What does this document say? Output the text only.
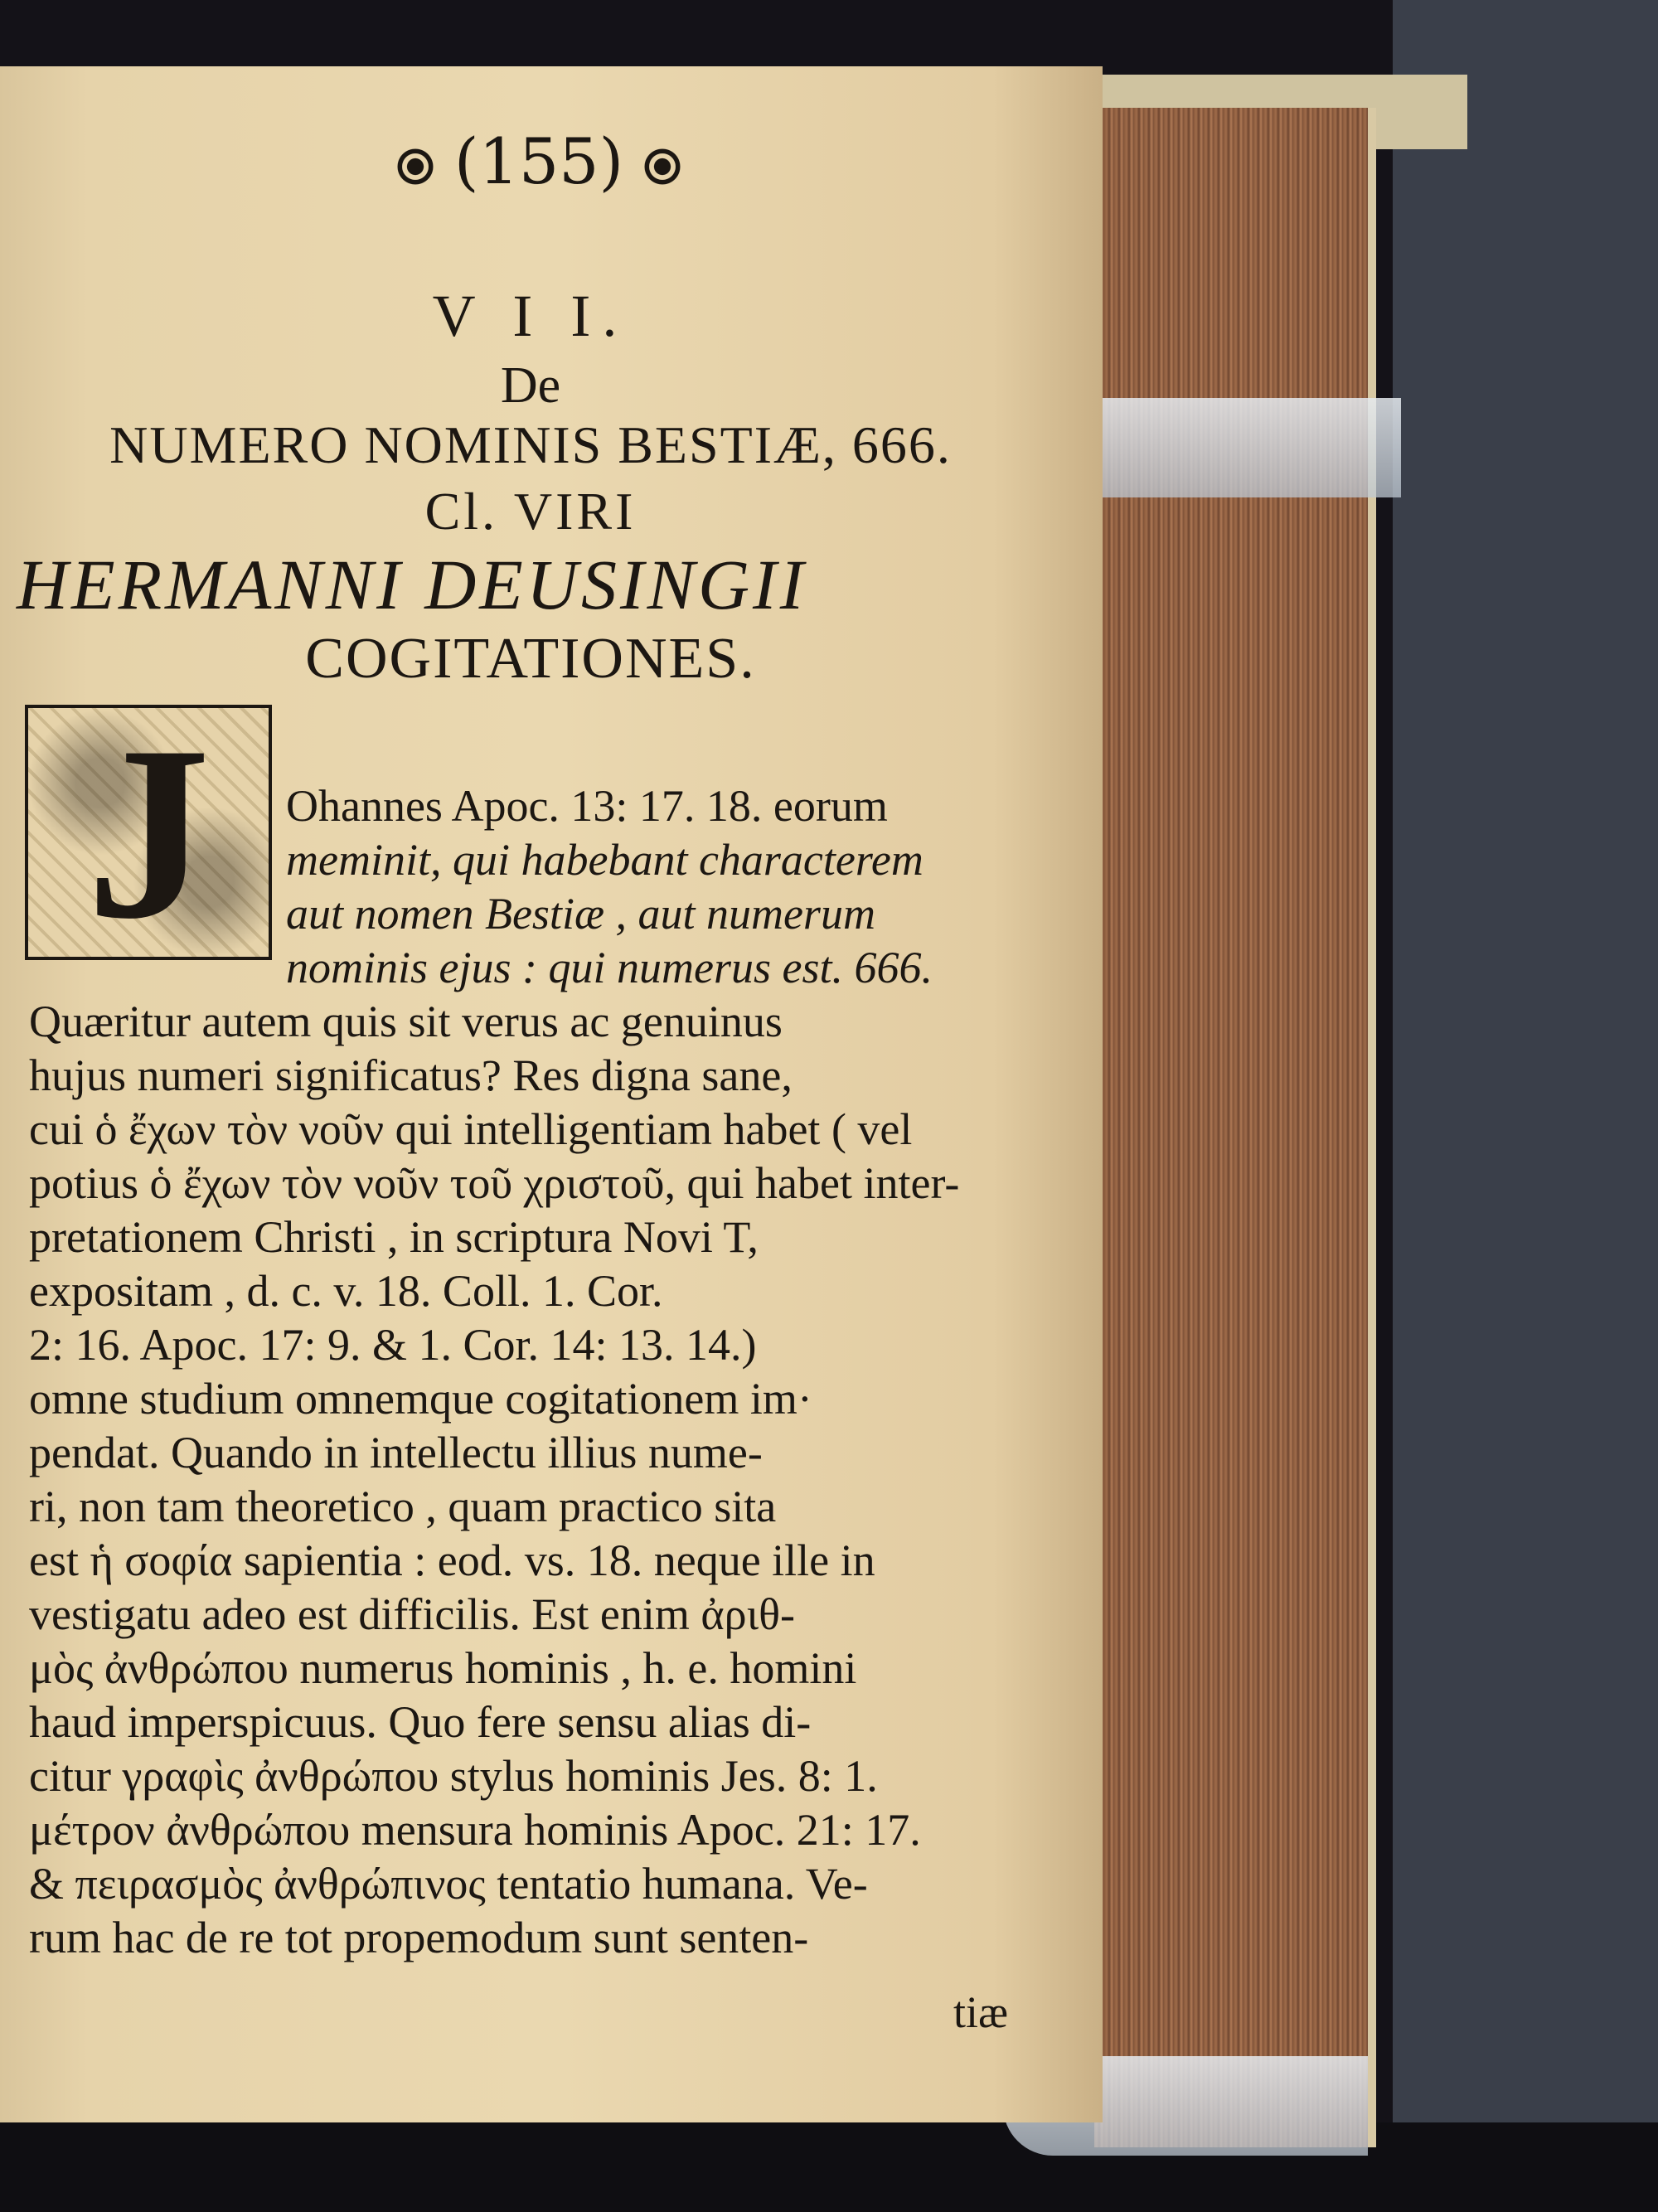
(155)
V I I.
De
NUMERO NOMINIS BESTIÆ, 666.
Cl. VIRI
HERMANNI DEUSINGII
COGITATIONES.
J Ohannes Apoc. 13: 17. 18. eorum
meminit, qui habebant characterem
aut nomen Bestiæ , aut numerum
nominis ejus : qui numerus est. 666.
Quæritur autem quis sit verus ac genuinus
hujus numeri significatus? Res digna sane,
cui ὁ ἔχων τὸν νοῦν qui intelligentiam habet ( vel
potius ὁ ἔχων τὸν νοῦν τοῦ χριστοῦ, qui habet inter-
pretationem Christi , in scriptura Novi T,
expositam , d. c. v. 18. Coll. 1. Cor.
2: 16. Apoc. 17: 9. & 1. Cor. 14: 13. 14.)
omne studium omnemque cogitationem im·
pendat. Quando in intellectu illius nume-
ri, non tam theoretico , quam practico sita
est ἡ σοφία sapientia : eod. vs. 18. neque ille in
vestigatu adeo est difficilis. Est enim ἀριθ-
μὸς ἀνθρώπου numerus hominis , h. e. homini
haud imperspicuus. Quo fere sensu alias di-
citur γραφὶς ἀνθρώπου stylus hominis Jes. 8: 1.
μέτρον ἀνθρώπου mensura hominis Apoc. 21: 17.
& πειρασμὸς ἀνθρώπινος tentatio humana. Ve-
rum hac de re tot propemodum sunt senten-
tiæ
